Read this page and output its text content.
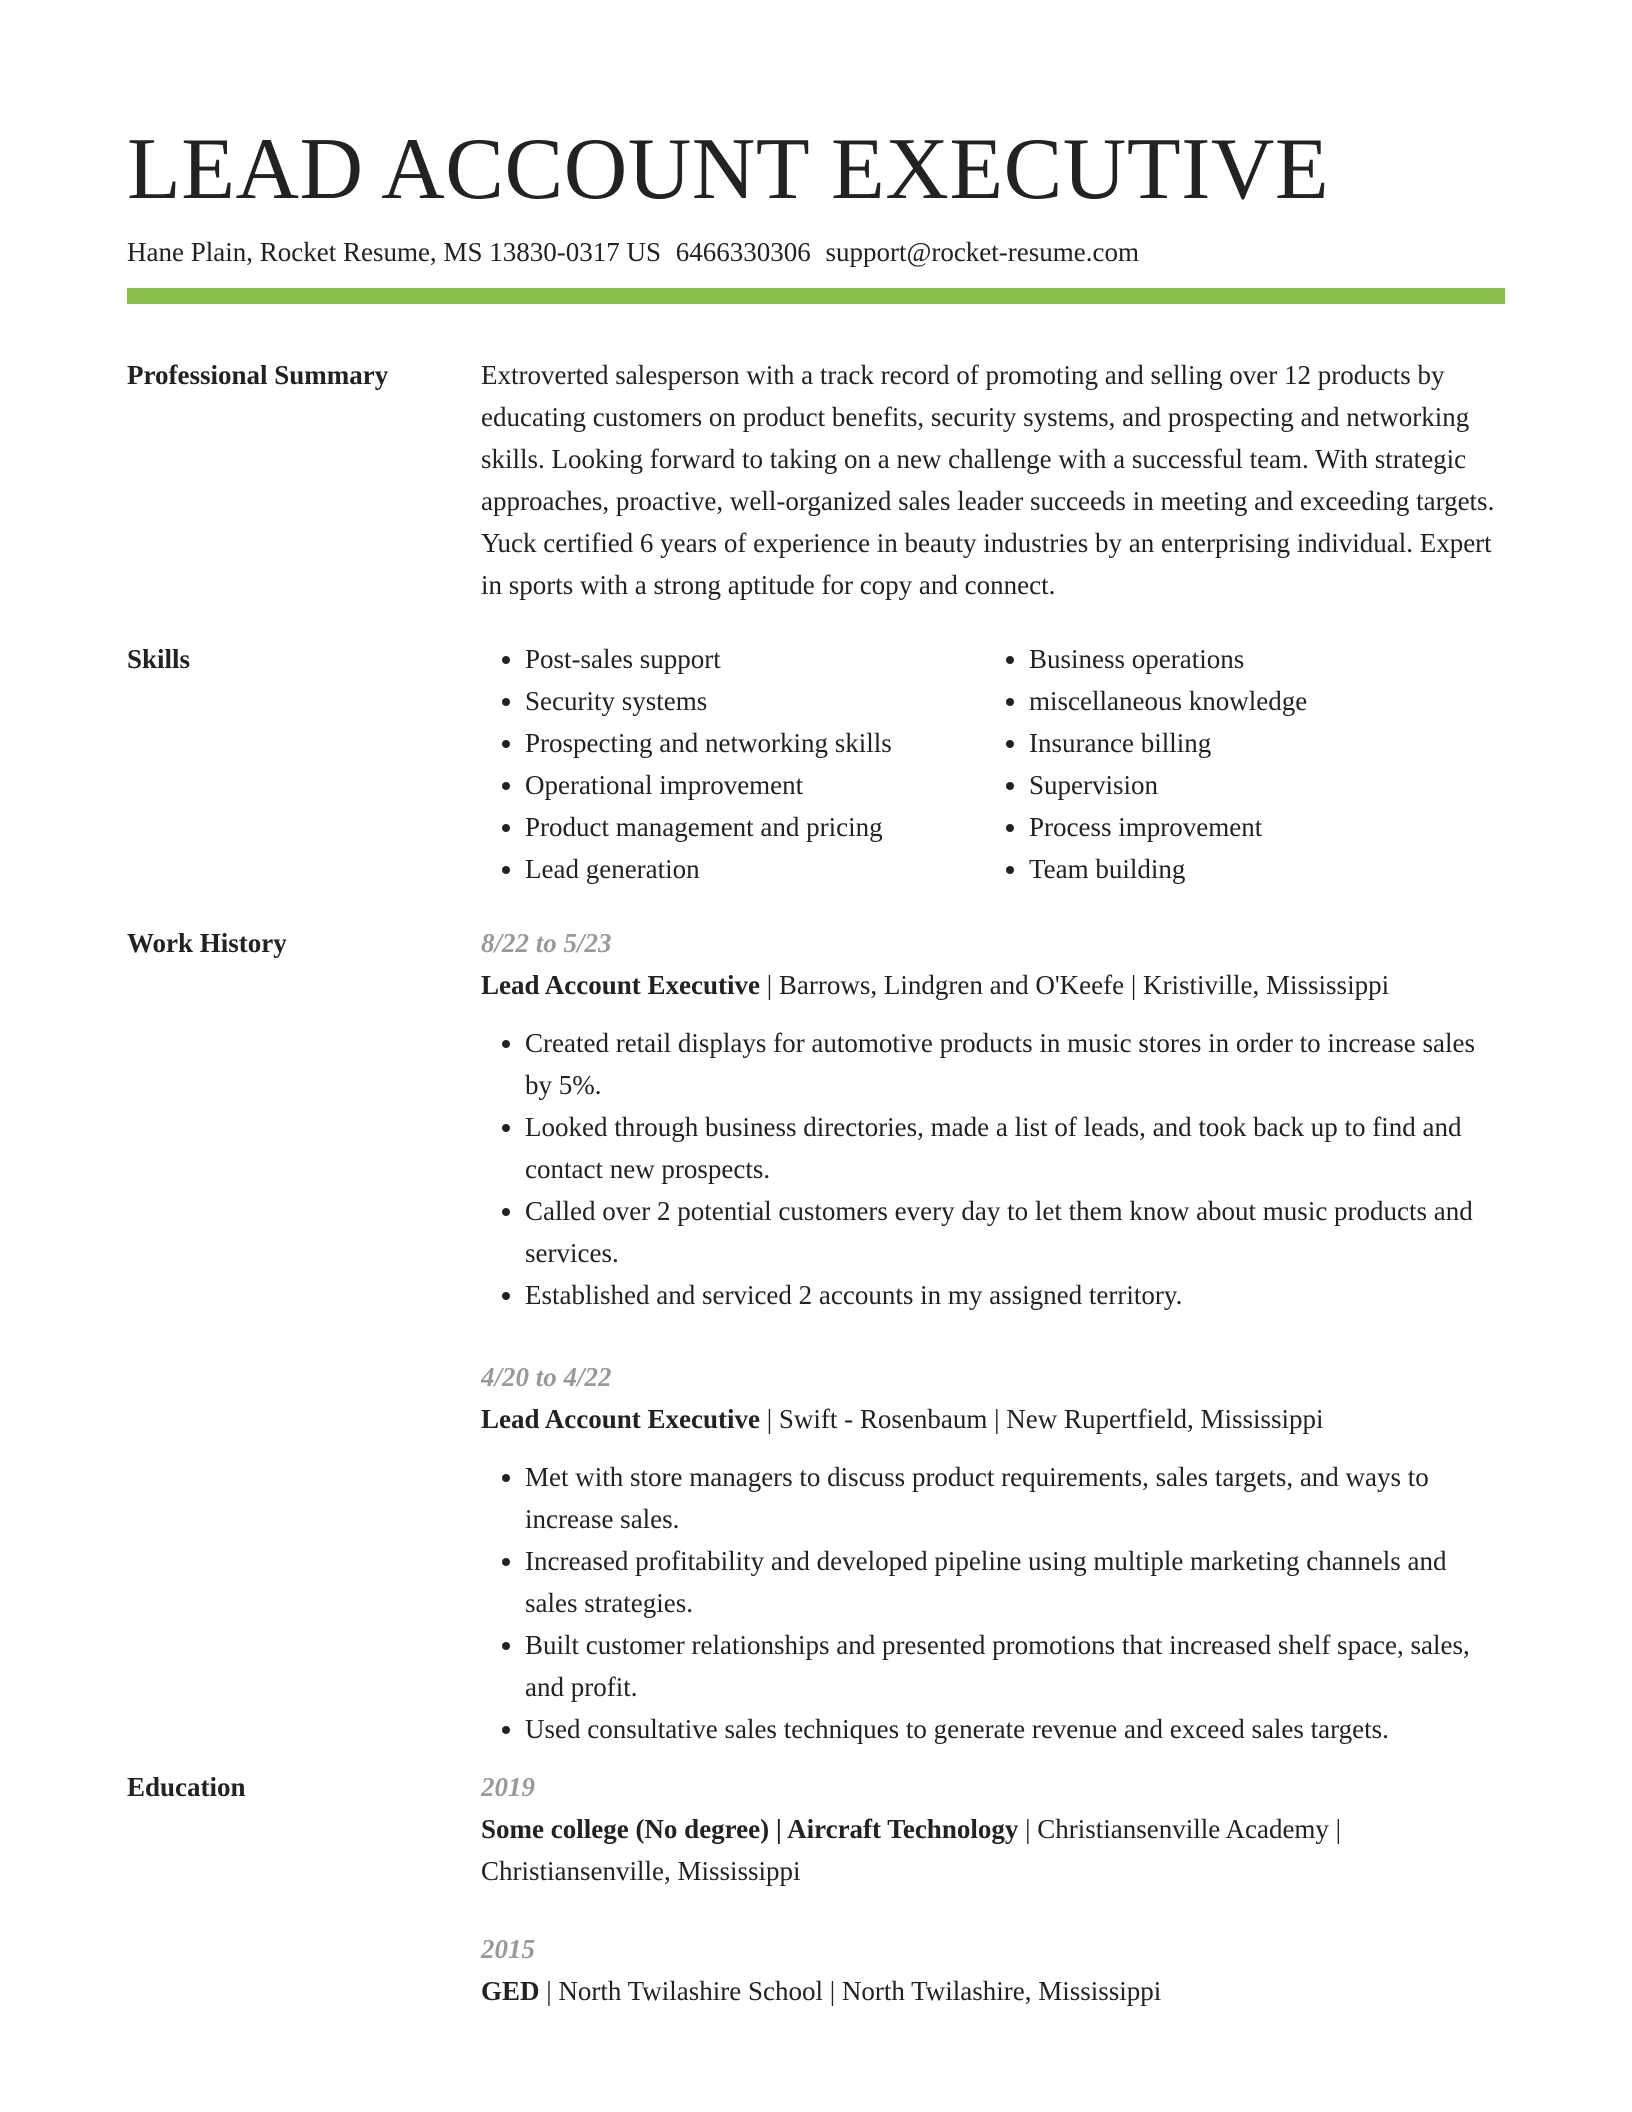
LEAD ACCOUNT EXECUTIVE
Hane Plain, Rocket Resume, MS 13830-0317 US 6466330306 support@rocket-resume.com
Professional Summary	Extroverted salesperson with a track record of promoting and selling over 12 products by educating customers on product benefits, security systems, and prospecting and networking skills. Looking forward to taking on a new challenge with a successful team. With strategic approaches, proactive, well-organized sales leader succeeds in meeting and exceeding targets. Yuck certified 6 years of experience in beauty industries by an enterprising individual. Expert in sports with a strong aptitude for copy and connect.

Skills
•	Post-sales support
• Security systems
• Prospecting and networking skills
• Operational improvement
• Product management and pricing
• Lead generation
• Business operations
• miscellaneous knowledge
• Insurance billing
• Supervision
• Process improvement
• Team building
Work History	8/22 to 5/23
Lead Account Executive | Barrows, Lindgren and O'Keefe | Kristiville, Mississippi
• Created retail displays for automotive products in music stores in order to increase sales by 5%.
• Looked through business directories, made a list of leads, and took back up to find and contact new prospects.
• Called over 2 potential customers every day to let them know about music products and services.
• Established and serviced 2 accounts in my assigned territory.
4/20 to 4/22
Lead Account Executive | Swift - Rosenbaum | New Rupertfield, Mississippi
• Met with store managers to discuss product requirements, sales targets, and ways to increase sales.
• Increased profitability and developed pipeline using multiple marketing channels and sales strategies.
• Built customer relationships and presented promotions that increased shelf space, sales, and profit.
• Used consultative sales techniques to generate revenue and exceed sales targets.
Education	2019
Some college (No degree) | Aircraft Technology | Christiansenville Academy | Christiansenville, Mississippi
2015
GED | North Twilashire School | North Twilashire, Mississippi
